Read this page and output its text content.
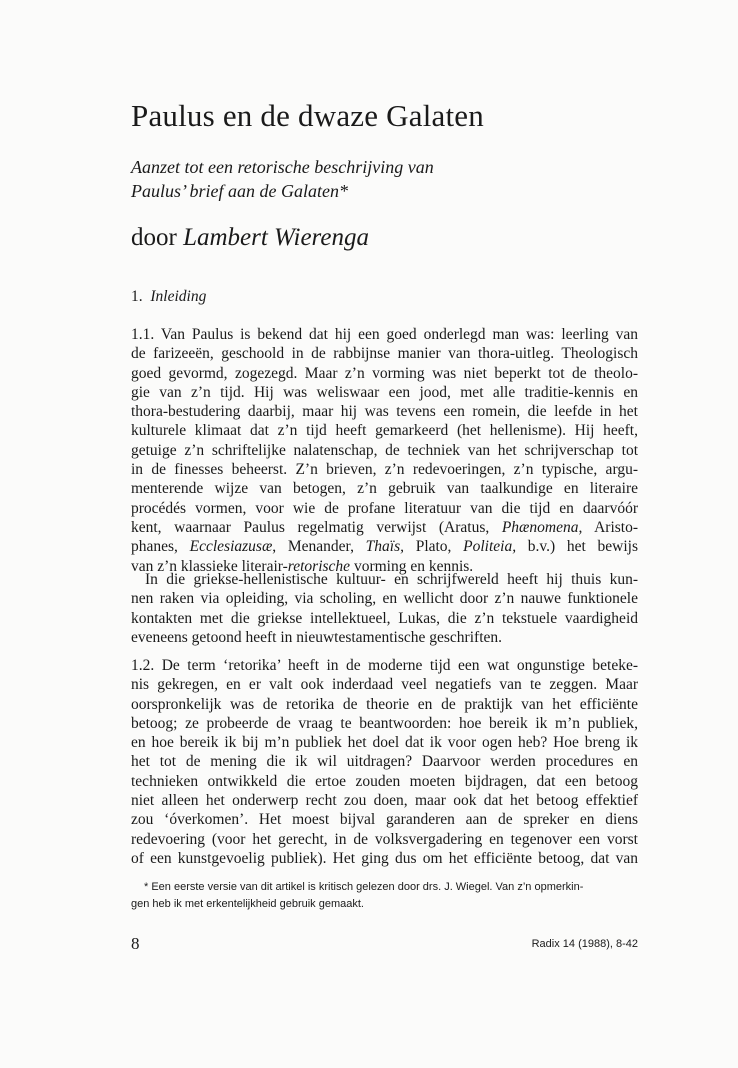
Paulus en de dwaze Galaten

Aanzet tot een retorische beschrijving van
Paulus’ brief aan de Galaten*

door Lambert Wierenga

1. Inleiding

1.1. Van Paulus is bekend dat hij een goed onderlegd man was: leerling van
de farizeeën, geschoold in de rabbijnse manier van thora-uitleg. Theologisch
goed gevormd, zogezegd. Maar z’n vorming was niet beperkt tot de theolo-
gie van z’n tijd. Hij was weliswaar een jood, met alle traditie-kennis en
thora-bestudering daarbij, maar hij was tevens een romein, die leefde in het
kulturele klimaat dat z’n tijd heeft gemarkeerd (het hellenisme). Hij heeft,
getuige z’n schriftelijke nalatenschap, de techniek van het schrijverschap tot
in de finesses beheerst. Z’n brieven, z’n redevoeringen, z’n typische, argu-
menterende wijze van betogen, z’n gebruik van taalkundige en literaire
procédés vormen, voor wie de profane literatuur van die tijd en daarvóór
kent, waarnaar Paulus regelmatig verwijst (Aratus, Phænomena, Aristo-
phanes, Ecclesiazusæ, Menander, Thaïs, Plato, Politeia, b.v.) het bewijs
van z’n klassieke literair-retorische vorming en kennis.

In die griekse-hellenistische kultuur- en schrijfwereld heeft hij thuis kun-
nen raken via opleiding, via scholing, en wellicht door z’n nauwe funktionele
kontakten met die griekse intellektueel, Lukas, die z’n tekstuele vaardigheid
eveneens getoond heeft in nieuwtestamentische geschriften.

1.2. De term ‘retorika’ heeft in de moderne tijd een wat ongunstige beteke-
nis gekregen, en er valt ook inderdaad veel negatiefs van te zeggen. Maar
oorspronkelijk was de retorika de theorie en de praktijk van het efficiënte
betoog; ze probeerde de vraag te beantwoorden: hoe bereik ik m’n publiek,
en hoe bereik ik bij m’n publiek het doel dat ik voor ogen heb? Hoe breng ik
het tot de mening die ik wil uitdragen? Daarvoor werden procedures en
technieken ontwikkeld die ertoe zouden moeten bijdragen, dat een betoog
niet alleen het onderwerp recht zou doen, maar ook dat het betoog effektief
zou ‘óverkomen’. Het moest bijval garanderen aan de spreker en diens
redevoering (voor het gerecht, in de volksvergadering en tegenover een vorst
of een kunstgevoelig publiek). Het ging dus om het efficiënte betoog, dat van

* Een eerste versie van dit artikel is kritisch gelezen door drs. J. Wiegel. Van z’n opmerkin-
gen heb ik met erkentelijkheid gebruik gemaakt.

8	Radix 14 (1988), 8-42
